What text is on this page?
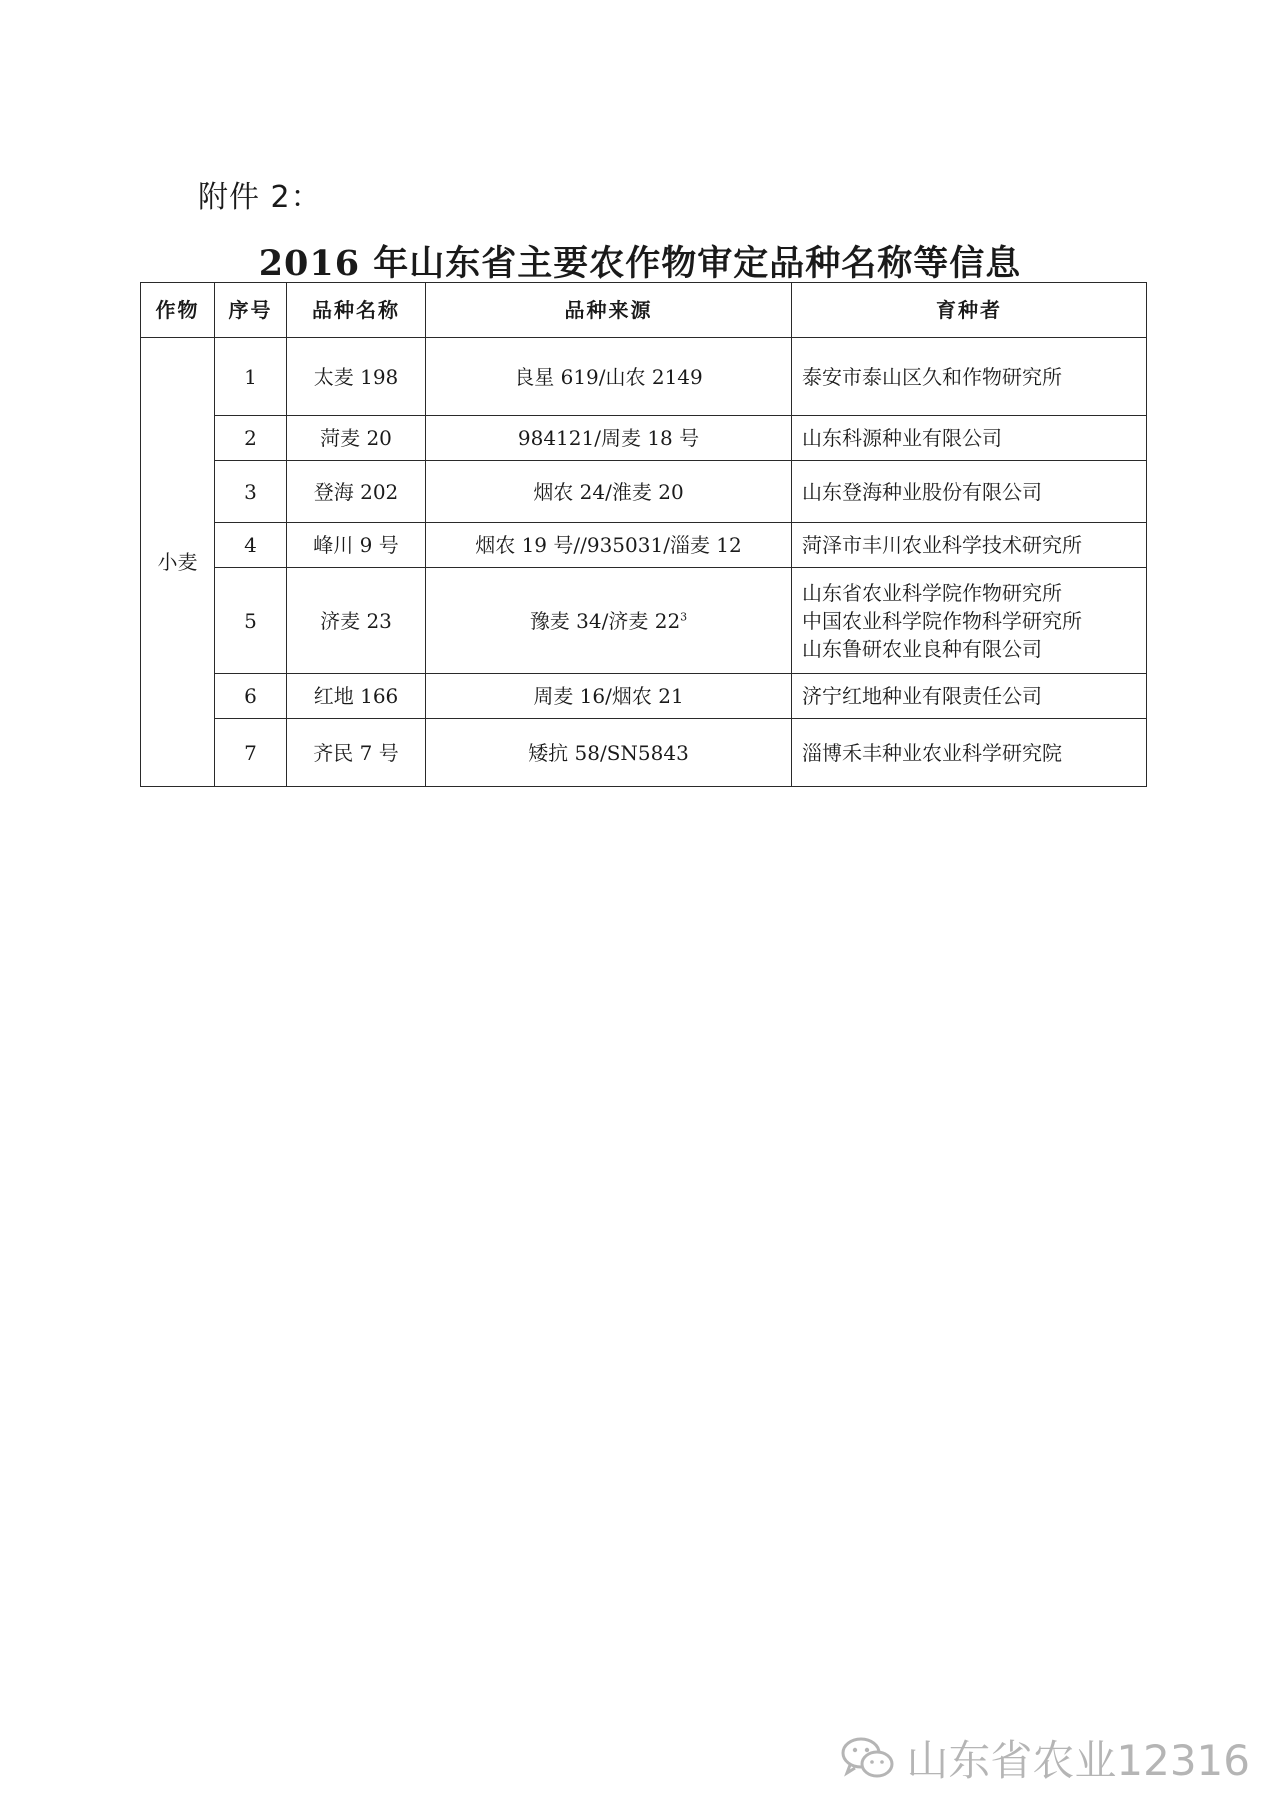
附件 2：
2016 年山东省主要农作物审定品种名称等信息
作物	序号	品种名称	品种来源	育种者
小麦	1	太麦 198	良星 619/山农 2149	泰安市泰山区久和作物研究所

	2	菏麦 20	984121/周麦 18 号	山东科源种业有限公司

	3	登海 202	烟农 24/淮麦 20	山东登海种业股份有限公司

	4	峰川 9 号	烟农 19 号//935031/淄麦 12	菏泽市丰川农业科学技术研究所

	5	济麦 23	豫麦 34/济麦 $22^3$	山东省农业科学院作物研究所
中国农业科学院作物科学研究所
山东鲁研农业良种有限公司

	6	红地 166	周麦 16/烟农 21	济宁红地种业有限责任公司

	7	齐民 7 号	矮抗 58/SN5843	淄博禾丰种业农业科学研究院
山东省农业12316
